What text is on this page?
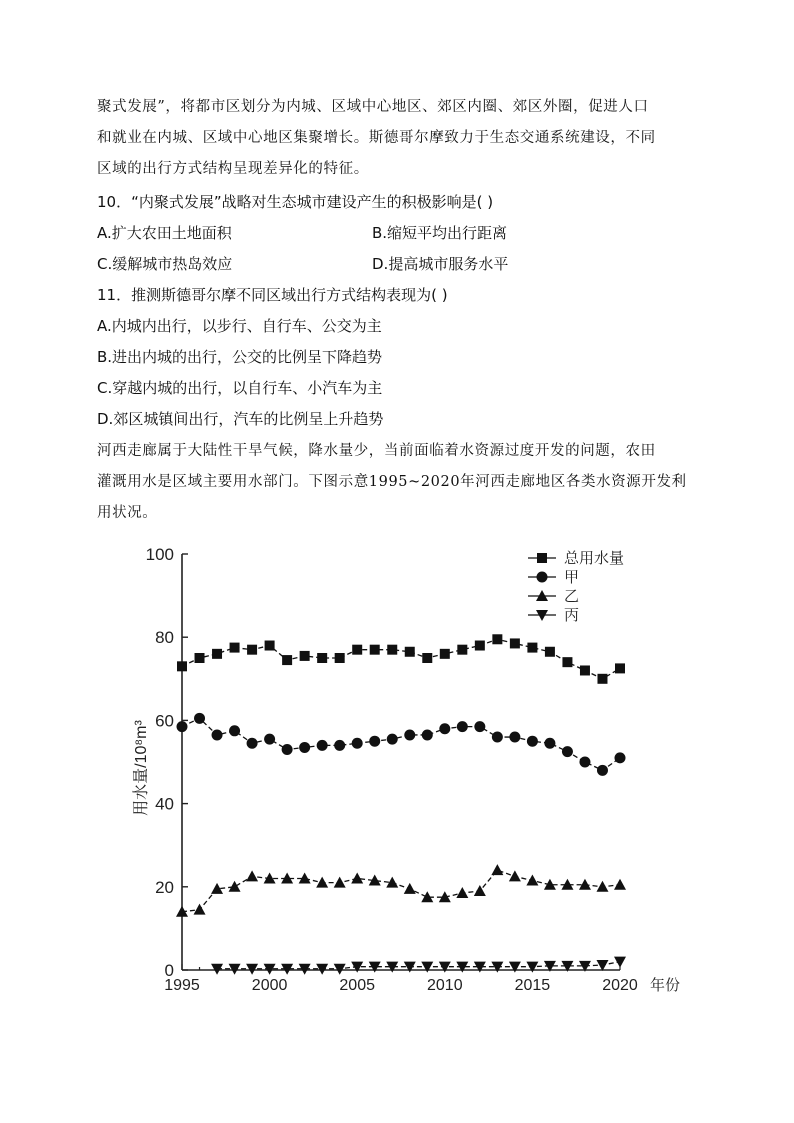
聚式发展”，将都市区划分为内城、区域中心地区、郊区内圈、郊区外圈，促进人口
和就业在内城、区域中心地区集聚增长。斯德哥尔摩致力于生态交通系统建设，不同
区域的出行方式结构呈现差异化的特征。
10．“内聚式发展”战略对生态城市建设产生的积极影响是( )
A.扩大农田土地面积	B.缩短平均出行距离
C.缓解城市热岛效应	D.提高城市服务水平
11．推测斯德哥尔摩不同区域出行方式结构表现为( )
A.内城内出行，以步行、自行车、公交为主
B.进出内城的出行，公交的比例呈下降趋势
C.穿越内城的出行，以自行车、小汽车为主
D.郊区城镇间出行，汽车的比例呈上升趋势
河西走廊属于大陆性干旱气候，降水量少，当前面临着水资源过度开发的问题，农田
灌溉用水是区域主要用水部门。下图示意1995~2020年河西走廊地区各类水资源开发利
用状况。
0
20
40
60
80
100
1995	2000	2005	2010	2015	2020 年份
用水量/10⁸m³
总用水量
甲
乙
丙
